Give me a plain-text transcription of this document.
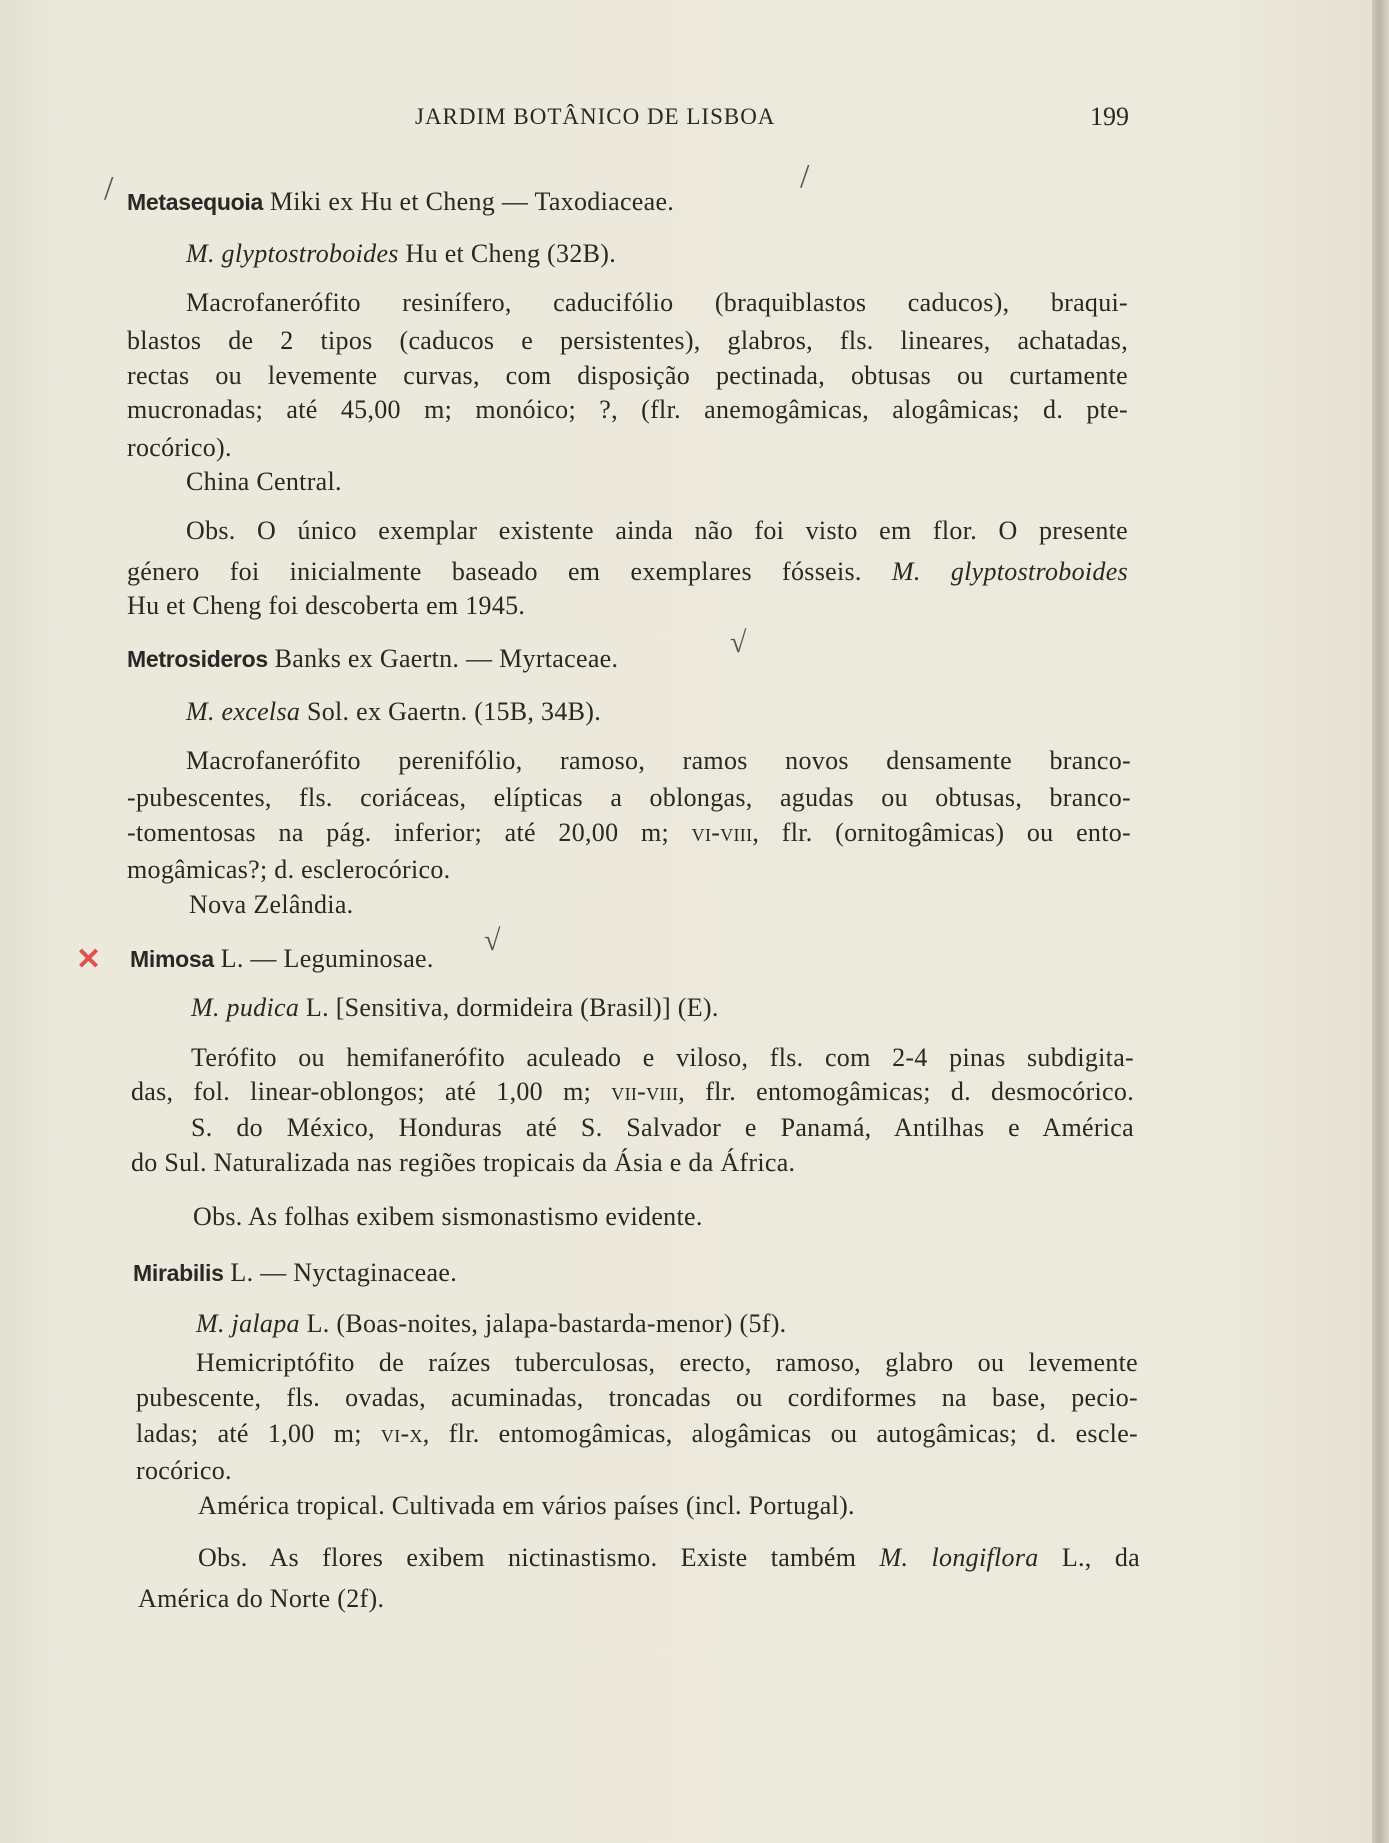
JARDIM BOTÂNICO DE LISBOA	199
/	/
√
√
✕
Metasequoia Miki ex Hu et Cheng — Taxodiaceae.
M. glyptostroboides Hu et Cheng (32B).
Macrofanerófito resinífero, caducifólio (braquiblastos caducos), braqui-
blastos de 2 tipos (caducos e persistentes), glabros, fls. lineares, achatadas,
rectas ou levemente curvas, com disposição pectinada, obtusas ou curtamente
mucronadas; até 45,00 m; monóico; ?, (flr. anemogâmicas, alogâmicas; d. pte-
rocórico).
China Central.
Obs. O único exemplar existente ainda não foi visto em flor. O presente
género foi inicialmente baseado em exemplares fósseis. M. glyptostroboides
Hu et Cheng foi descoberta em 1945.
Metrosideros Banks ex Gaertn. — Myrtaceae.
M. excelsa Sol. ex Gaertn. (15B, 34B).
Macrofanerófito perenifólio, ramoso, ramos novos densamente branco-
-pubescentes, fls. coriáceas, elípticas a oblongas, agudas ou obtusas, branco-
-tomentosas na pág. inferior; até 20,00 m; vi-viii, flr. (ornitogâmicas) ou ento-
mogâmicas?; d. esclerocórico.
Nova Zelândia.
Mimosa L. — Leguminosae.
M. pudica L. [Sensitiva, dormideira (Brasil)] (E).
Terófito ou hemifanerófito aculeado e viloso, fls. com 2-4 pinas subdigita-
das, fol. linear-oblongos; até 1,00 m; vii-viii, flr. entomogâmicas; d. desmocórico.
S. do México, Honduras até S. Salvador e Panamá, Antilhas e América
do Sul. Naturalizada nas regiões tropicais da Ásia e da África.
Obs. As folhas exibem sismonastismo evidente.
Mirabilis L. — Nyctaginaceae.
M. jalapa L. (Boas-noites, jalapa-bastarda-menor) (5f).
Hemicriptófito de raízes tuberculosas, erecto, ramoso, glabro ou levemente
pubescente, fls. ovadas, acuminadas, troncadas ou cordiformes na base, pecio-
ladas; até 1,00 m; vi-x, flr. entomogâmicas, alogâmicas ou autogâmicas; d. escle-
rocórico.
América tropical. Cultivada em vários países (incl. Portugal).
Obs. As flores exibem nictinastismo. Existe também M. longiflora L., da
América do Norte (2f).
